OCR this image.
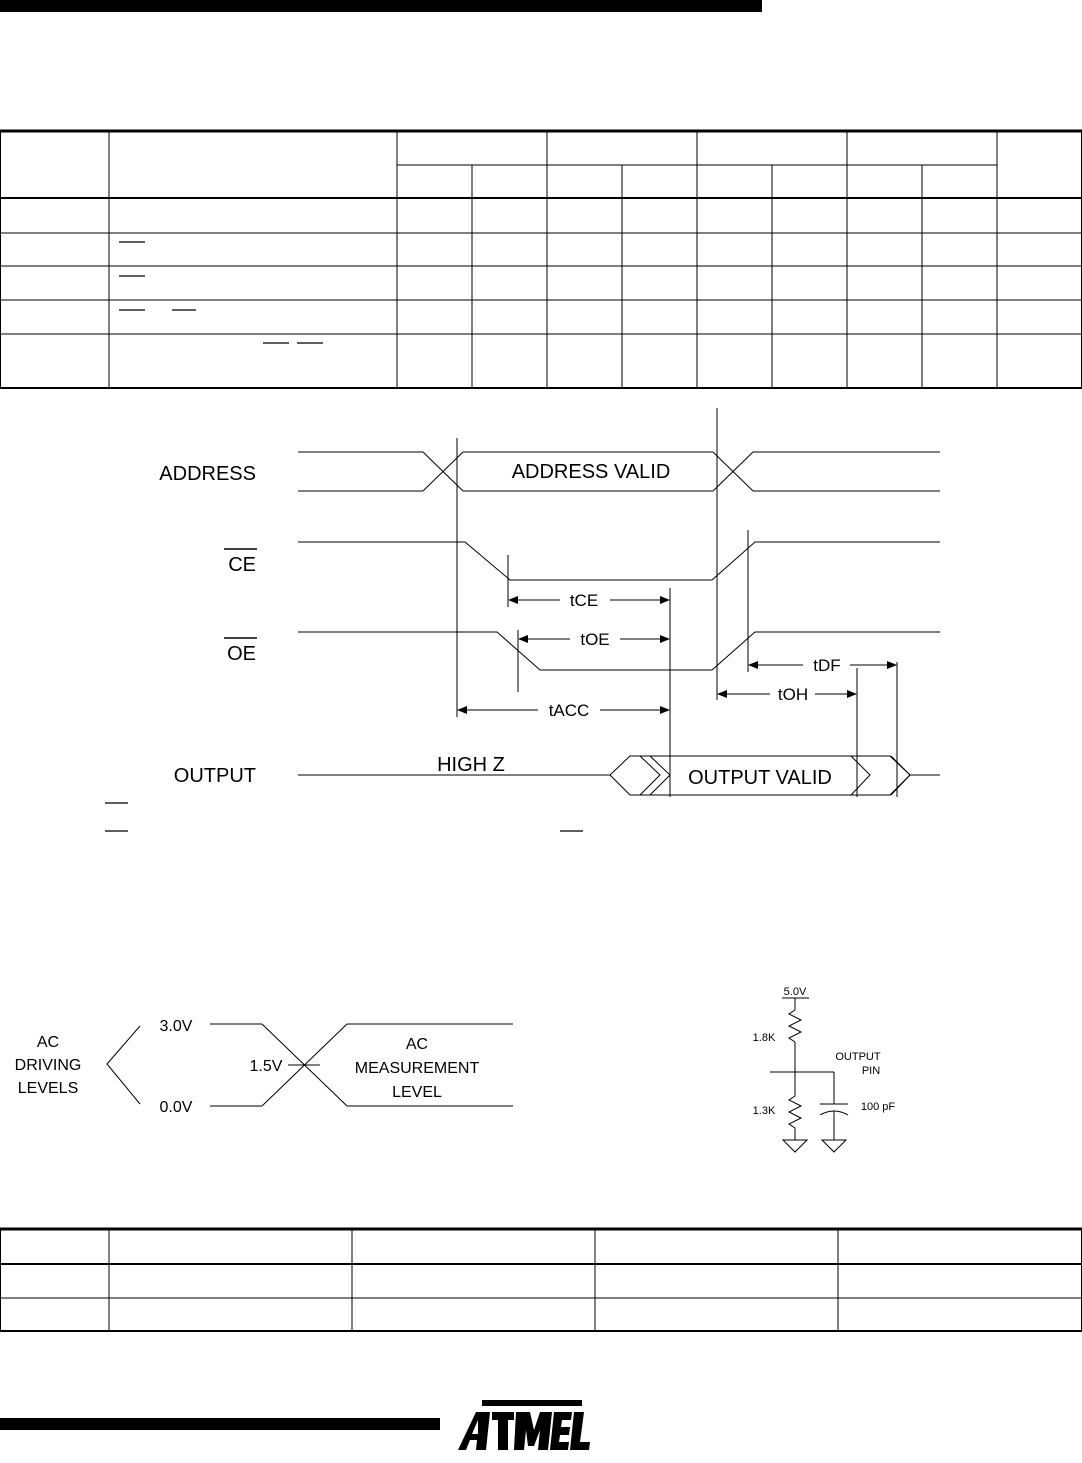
ADDRESS
CE
OE
OUTPUT
ADDRESS VALID
tCE
tOE
tDF
tOH
tACC
HIGH Z
OUTPUT VALID
AC
DRIVING
LEVELS
3.0V
0.0V
1.5V
AC
MEASUREMENT
LEVEL
5.0V
1.8K
1.3K
OUTPUT
PIN
100 pF
